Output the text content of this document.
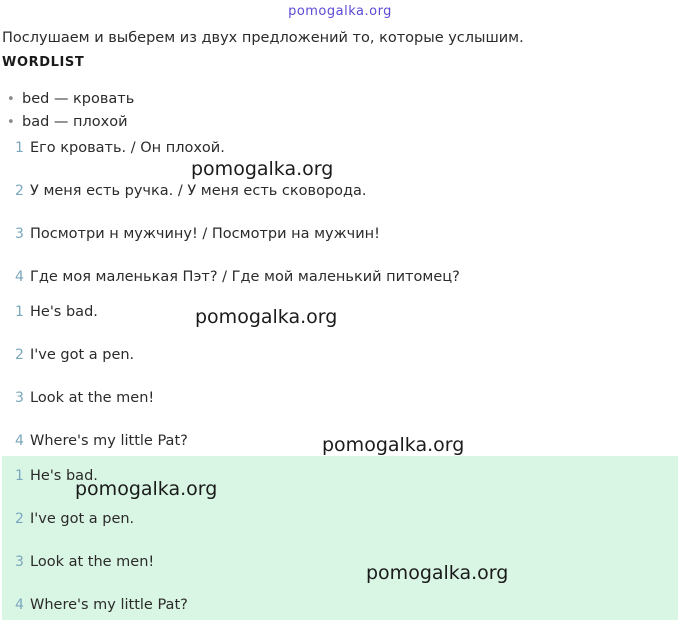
pomogalka.org
Послушаем и выберем из двух предложений то, которые услышим.
WORDLIST
• bed — кровать
• bad — плохой
1 Его кровать. / Он плохой.
2 У меня есть ручка. / У меня есть сковорода.
3 Посмотри н мужчину! / Посмотри на мужчин!
4 Где моя маленькая Пэт? / Где мой маленький питомец?
1 He's bad.
2 I've got a pen.
3 Look at the men!
4 Where's my little Pat?
1 He's bad.
2 I've got a pen.
3 Look at the men!
4 Where's my little Pat?
pomogalka.org
pomogalka.org
pomogalka.org
pomogalka.org
pomogalka.org
